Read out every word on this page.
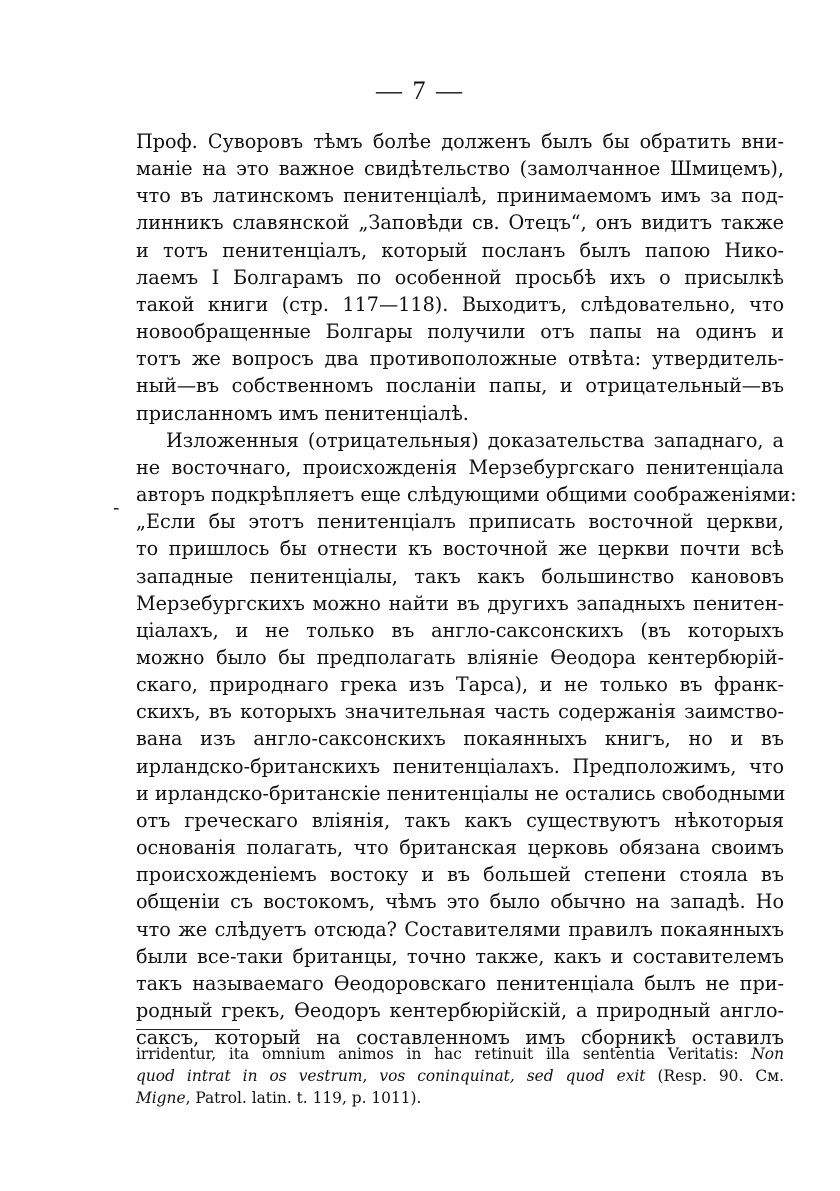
— 7 —
-
Проф. Суворовъ тѣмъ болѣе долженъ былъ бы обратить вни-
маніе на это важное свидѣтельство (замолчанное Шмицемъ),
что въ латинскомъ пенитенціалѣ, принимаемомъ имъ за под-
линникъ славянской „Заповѣди св. Отецъ“, онъ видитъ также
и тотъ пенитенціалъ, который посланъ былъ папою Нико-
лаемъ I Болгарамъ по особенной просьбѣ ихъ о присылкѣ
такой книги (стр. 117—118). Выходитъ, слѣдовательно, что
новообращенные Болгары получили отъ папы на одинъ и
тотъ же вопросъ два противоположные отвѣта: утвердитель-
ный—въ собственномъ посланіи папы, и отрицательный—въ
присланномъ имъ пенитенціалѣ.
Изложенныя (отрицательныя) доказательства западнаго, а
не восточнаго, происхожденія Мерзебургскаго пенитенціала
авторъ подкрѣпляетъ еще слѣдующими общими соображеніями:
„Если бы этотъ пенитенціалъ приписать восточной церкви,
то пришлось бы отнести къ восточной же церкви почти всѣ
западные пенитенціалы, такъ какъ большинство канововъ
Мерзебургскихъ можно найти въ другихъ западныхъ пенитен-
ціалахъ, и не только въ англо-саксонскихъ (въ которыхъ
можно было бы предполагать вліяніе Ѳеодора кентербюрій-
скаго, природнаго грека изъ Тарса), и не только въ франк-
скихъ, въ которыхъ значительная часть содержанія заимство-
вана изъ англо-саксонскихъ покаянныхъ книгъ, но и въ
ирландско-британскихъ пенитенціалахъ. Предположимъ, что
и ирландско-британскіе пенитенціалы не остались свободными
отъ греческаго вліянія, такъ какъ существуютъ нѣкоторыя
основанія полагать, что британская церковь обязана своимъ
происхожденіемъ востоку и въ большей степени стояла въ
общеніи съ востокомъ, чѣмъ это было обычно на западѣ. Но
что же слѣдуетъ отсюда? Составителями правилъ покаянныхъ
были все-таки британцы, точно также, какъ и составителемъ
такъ называемаго Ѳеодоровскаго пенитенціала былъ не при-
родный грекъ, Ѳеодоръ кентербюрійскій, а природный англо-
саксъ, который на составленномъ имъ сборникѣ оставилъ
irridentur, ita omnium animos in hac retinuit illa sententia Veritatis: Non
quod intrat in os vestrum, vos coninquinat, sed quod exit (Resp. 90. См.
Migne, Patrol. latin. t. 119, p. 1011).
